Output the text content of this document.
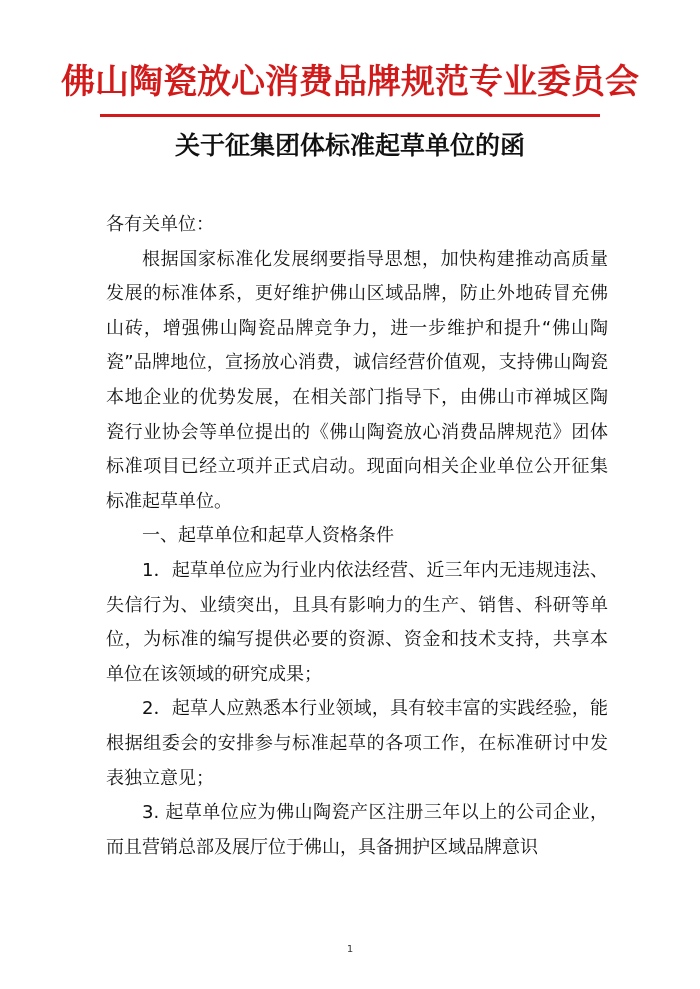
佛山陶瓷放心消费品牌规范专业委员会
关于征集团体标准起草单位的函

各有关单位：

根据国家标准化发展纲要指导思想，加快构建推动高质量发展的标准体系，更好维护佛山区域品牌，防止外地砖冒充佛山砖，增强佛山陶瓷品牌竞争力，进一步维护和提升“佛山陶瓷”品牌地位，宣扬放心消费，诚信经营价值观，支持佛山陶瓷本地企业的优势发展，在相关部门指导下，由佛山市禅城区陶瓷行业协会等单位提出的《佛山陶瓷放心消费品牌规范》团体标准项目已经立项并正式启动。现面向相关企业单位公开征集标准起草单位。

一、起草单位和起草人资格条件

1．起草单位应为行业内依法经营、近三年内无违规违法、失信行为、业绩突出，且具有影响力的生产、销售、科研等单位，为标准的编写提供必要的资源、资金和技术支持，共享本单位在该领域的研究成果；

2．起草人应熟悉本行业领域，具有较丰富的实践经验，能根据组委会的安排参与标准起草的各项工作，在标准研讨中发表独立意见；

3. 起草单位应为佛山陶瓷产区注册三年以上的公司企业，而且营销总部及展厅位于佛山，具备拥护区域品牌意识

1
